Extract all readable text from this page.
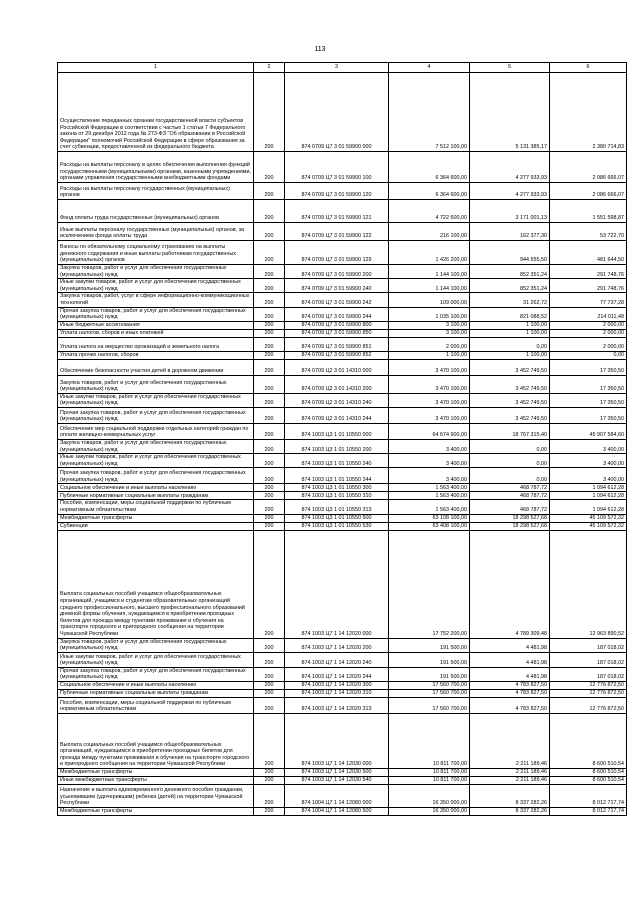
113
1	2	3	4	5	6
Осуществление переданных органам государственной власти субъектов Российской Федерации в соответствии с частью 1 статьи 7 Федерального закона от 29 декабря 2012 года № 273-ФЗ "Об образовании в Российской Федерации" полномочий Российской Федерации в сфере образования за счет субвенции, предоставленной из федерального бюджета	200	874 0709 Ц7 3 01 59900 000	7 512 100,00	5 131 385,17	2 380 714,83
Расходы на выплаты персоналу в целях обеспечения выполнения функций государственными (муниципальными) органами, казенными учреждениями, органами управления государственными внебюджетными фондами	200	874 0709 Ц7 3 01 59900 100	6 364 600,00	4 277 933,93	2 086 666,07
Расходы на выплаты персоналу государственных (муниципальных) органов	200	874 0709 Ц7 3 01 59900 120	6 364 600,00	4 277 933,93	2 086 666,07
Фонд оплаты труда государственных (муниципальных) органов	200	874 0709 Ц7 3 01 59900 121	4 722 600,00	3 171 001,13	1 551 598,87
Иные выплаты персоналу государственных (муниципальных) органов, за исключением фонда оплаты труда	200	874 0709 Ц7 3 01 59900 122	216 100,00	162 377,30	53 722,70
Взносы по обязательному социальному страхованию на выплаты денежного содержания и иные выплаты работникам государственных (муниципальных) органов	200	874 0709 Ц7 3 01 59900 129	1 426 200,00	944 555,50	481 644,50
Закупка товаров, работ и услуг для обеспечения государственных (муниципальных) нужд	200	874 0709 Ц7 3 01 59900 200	1 144 100,00	852 351,24	291 748,76
Иные закупки товаров, работ и услуг для обеспечения государственных (муниципальных) нужд	200	874 0709 Ц7 3 01 59900 240	1 144 100,00	852 351,24	291 748,76
Закупка товаров, работ, услуг в сфере информационно-коммуникационных технологий	200	874 0709 Ц7 3 01 59900 242	109 000,00	31 262,72	77 737,28
Прочая закупка товаров, работ и услуг для обеспечения государственных (муниципальных) нужд	200	874 0709 Ц7 3 01 59900 244	1 035 100,00	821 088,52	214 011,48
Иные бюджетные ассигнования	200	874 0709 Ц7 3 01 59900 800	3 100,00	1 100,00	2 000,00
Уплата налогов, сборов и иных платежей	200	874 0709 Ц7 3 01 59900 850	3 100,00	1 100,00	2 000,00
Уплата налога на имущество организаций и земельного налога	200	874 0709 Ц7 3 01 59900 851	2 000,00	0,00	2 000,00
Уплата прочих налогов, сборов	200	874 0709 Ц7 3 01 59900 852	1 100,00	1 100,00	0,00
Обеспечение безопасности участия детей в дорожном движении	200	874 0709 Ц2 3 01 14310 000	3 470 100,00	3 452 749,50	17 350,50
Закупка товаров, работ и услуг для обеспечения государственных (муниципальных) нужд	200	874 0709 Ц2 3 01 14310 200	3 470 100,00	3 452 749,50	17 350,50
Иные закупки товаров, работ и услуг для обеспечения государственных (муниципальных) нужд	200	874 0709 Ц2 3 01 14310 240	3 470 100,00	3 452 749,50	17 350,50
Прочая закупка товаров, работ и услуг для обеспечения государственных (муниципальных) нужд	200	874 0709 Ц2 3 01 14310 244	3 470 100,00	3 452 749,50	17 350,50
Обеспечение мер социальной поддержки отдельных категорий граждан по оплате жилищно-коммунальных услуг	200	874 1003 Ц3 1 01 10550 000	64 674 900,00	18 767 315,40	45 907 584,60
Закупка товаров, работ и услуг для обеспечения государственных (муниципальных) нужд	200	874 1003 Ц3 1 01 10550 200	3 400,00	0,00	3 400,00
Иные закупки товаров, работ и услуг для обеспечения государственных (муниципальных) нужд	200	874 1003 Ц3 1 01 10550 240	3 400,00	0,00	3 400,00
Прочая закупка товаров, работ и услуг для обеспечения государственных (муниципальных) нужд	200	874 1003 Ц3 1 01 10550 244	3 400,00	0,00	3 400,00
Социальное обеспечение и иные выплаты населению	200	874 1003 Ц3 1 01 10550 300	1 563 400,00	468 787,72	1 094 612,28
Публичные нормативные социальные выплаты гражданам	200	874 1003 Ц3 1 01 10550 310	1 563 400,00	468 787,72	1 094 612,28
Пособия, компенсации, меры социальной поддержки по публичным нормативным обязательствам	200	874 1003 Ц3 1 01 10550 313	1 563 400,00	468 787,72	1 094 612,28
Межбюджетные трансферты	200	874 1003 Ц3 1 01 10550 500	63 108 100,00	18 298 527,68	45 109 572,32
Субвенции	200	874 1003 Ц3 1 01 10550 530	63 408 100,00	18 298 527,68	45 109 572,32
Выплата социальных пособий учащимся общеобразовательных организаций, учащимся и студентам образовательных организаций среднего профессионального, высшего профессионального образований дневной формы обучения, нуждающимся в приобретении проездных билетов для проезда между пунктами проживания и обучения на транспорте городского и пригородного сообщения на территории Чувашской Республики	200	874 1003 Ц7 1 14 12020 000	17 752 200,00	4 789 309,48	12 963 890,52
Закупка товаров, работ и услуг для обеспечения государственных (муниципальных) нужд	200	874 1003 Ц7 1 14 12020 200	191 500,00	4 481,98	187 018,02
Иные закупки товаров, работ и услуг для обеспечения государственных (муниципальных) нужд	200	874 1003 Ц7 1 14 12020 240	191 500,00	4 481,98	187 018,02
Прочая закупка товаров, работ и услуг для обеспечения государственных (муниципальных) нужд	200	874 1003 Ц7 1 14 12020 244	191 500,00	4 481,98	187 018,02
Социальное обеспечение и иные выплаты населению	200	874 1003 Ц7 1 14 12020 300	17 560 700,00	4 783 827,50	12 776 872,50
Публичные нормативные социальные выплаты гражданам	200	874 1003 Ц7 1 14 12020 310	17 560 700,00	4 783 827,50	12 776 872,50
Пособия, компенсации, меры социальной поддержки по публичным нормативным обязательствам	200	874 1003 Ц7 1 14 12020 313	17 560 700,00	4 783 827,50	12 776 872,50
Выплата социальных пособий учащимся общеобразовательных организаций, нуждающимся в приобретении проездных билетов для проезда между пунктами проживания и обучения на транспорте городского и пригородного сообщения на территории Чувашской Республики	200	874 1003 Ц7 1 14 12030 000	10 811 700,00	2 211 189,46	8 600 510,54
Межбюджетные трансферты	200	874 1003 Ц7 1 14 12030 500	10 811 700,00	2 211 189,46	8 600 510,54
Иные межбюджетные трансферты	200	874 1003 Ц7 1 14 12030 540	10 811 700,00	2 211 189,46	8 600 510,54
Назначение и выплата единовременного денежного пособия гражданам, усыновившим (удочерившим) ребенка (детей) на территории Чувашской Республики	200	874 1004 Ц7 1 14 12080 000	16 350 000,00	8 337 282,26	8 012 717,74
Межбюджетные трансферты	200	874 1004 Ц7 1 14 12080 500	16 350 000,00	8 337 282,26	8 012 717,74
